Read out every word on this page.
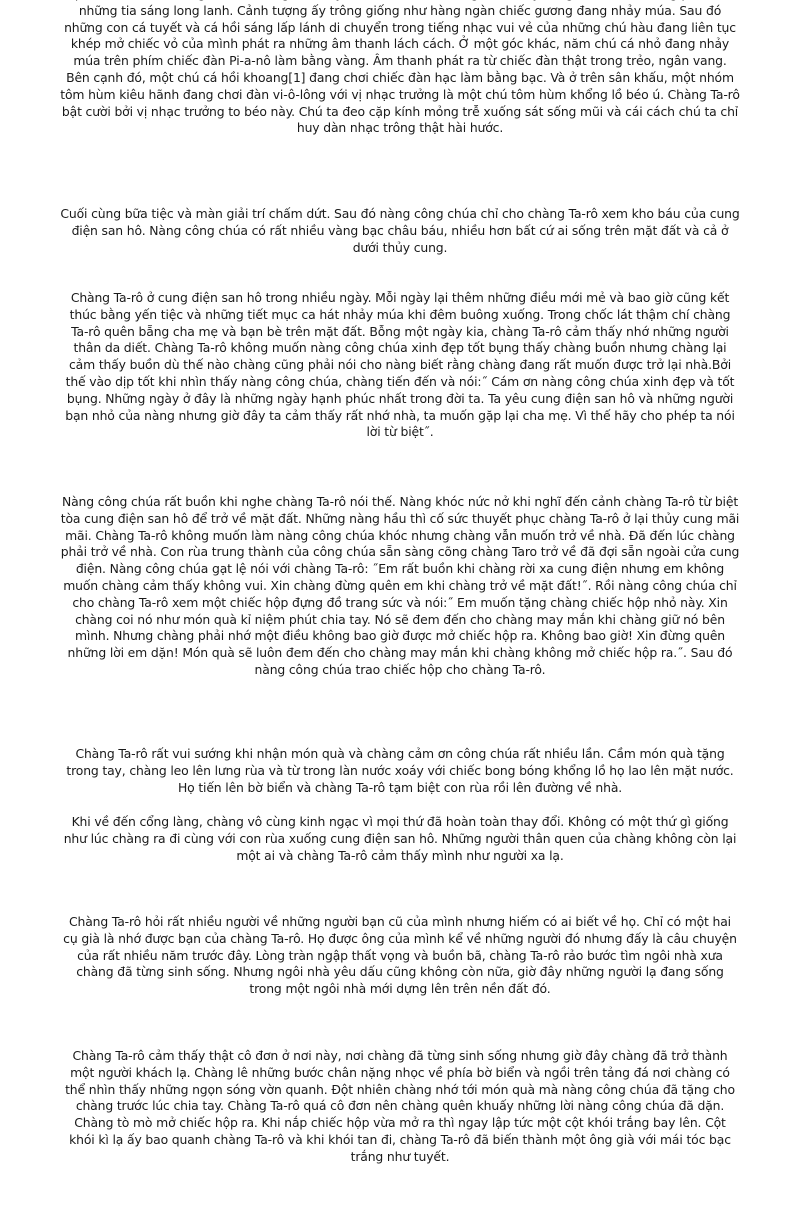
những tia sáng long lanh. Cảnh tượng ấy trông giống như hàng ngàn chiếc gương đang nhảy múa. Sau đó những con cá tuyết và cá hồi sáng lấp lánh di chuyển trong tiếng nhạc vui vẻ của những chú hàu đang liên tục khép mở chiếc vỏ của mình phát ra những âm thanh lách cách. Ở một góc khác, năm chú cá nhỏ đang nhảy múa trên phím chiếc đàn Pi-a-nô làm bằng vàng. Âm thanh phát ra từ chiếc đàn thật trong trẻo, ngân vang. Bên cạnh đó, một chú cá hồi khoang[1] đang chơi chiếc đàn hạc làm bằng bạc. Và ở trên sân khấu, một nhóm tôm hùm kiêu hãnh đang chơi đàn vi-ô-lông với vị nhạc trưởng là một chú tôm hùm khổng lồ béo ú. Chàng Ta-rô bật cười bởi vị nhạc trưởng to béo này. Chú ta đeo cặp kính mỏng trễ xuống sát sống mũi và cái cách chú ta chỉ huy dàn nhạc trông thật hài hước.

Cuối cùng bữa tiệc và màn giải trí chấm dứt. Sau đó nàng công chúa chỉ cho chàng Ta-rô xem kho báu của cung điện san hô. Nàng công chúa có rất nhiều vàng bạc châu báu, nhiều hơn bất cứ ai sống trên mặt đất và cả ở dưới thủy cung.

Chàng Ta-rô ở cung điện san hô trong nhiều ngày. Mỗi ngày lại thêm những điều mới mẻ và bao giờ cũng kết thúc bằng yến tiệc và những tiết mục ca hát nhảy múa khi đêm buông xuống. Trong chốc lát thậm chí chàng Ta-rô quên bẵng cha mẹ và bạn bè trên mặt đất. Bỗng một ngày kia, chàng Ta-rô cảm thấy nhớ những người thân da diết. Chàng Ta-rô không muốn nàng công chúa xinh đẹp tốt bụng thấy chàng buồn nhưng chàng lại cảm thấy buồn dù thế nào chàng cũng phải nói cho nàng biết rằng chàng đang rất muốn được trở lại nhà.Bởi thế vào dịp tốt khi nhìn thấy nàng công chúa, chàng tiến đến và nói:˝ Cám ơn nàng công chúa xinh đẹp và tốt bụng. Những ngày ở đây là những ngày hạnh phúc nhất trong đời ta. Ta yêu cung điện san hô và những người bạn nhỏ của nàng nhưng giờ đây ta cảm thấy rất nhớ nhà, ta muốn gặp lại cha mẹ. Vì thế hãy cho phép ta nói lời từ biệt˝.

Nàng công chúa rất buồn khi nghe chàng Ta-rô nói thế. Nàng khóc nức nở khi nghĩ đến cảnh chàng Ta-rô từ biệt tòa cung điện san hô để trở về mặt đất. Những nàng hầu thì cố sức thuyết phục chàng Ta-rô ở lại thủy cung mãi mãi. Chàng Ta-rô không muốn làm nàng công chúa khóc nhưng chàng vẫn muốn trở về nhà. Đã đến lúc chàng phải trở về nhà. Con rùa trung thành của công chúa sẵn sàng cõng chàng Taro trở về đã đợi sẵn ngoài cửa cung điện. Nàng công chúa gạt lệ nói với chàng Ta-rô: ˝Em rất buồn khi chàng rời xa cung điện nhưng em không muốn chàng cảm thấy không vui. Xin chàng đừng quên em khi chàng trở về mặt đất!˝. Rồi nàng công chúa chỉ cho chàng Ta-rô xem một chiếc hộp đựng đồ trang sức và nói:˝ Em muốn tặng chàng chiếc hộp nhỏ này. Xin chàng coi nó như món quà kỉ niệm phút chia tay. Nó sẽ đem đến cho chàng may mắn khi chàng giữ nó bên mình. Nhưng chàng phải nhớ một điều không bao giờ được mở chiếc hộp ra. Không bao giờ! Xin đừng quên những lời em dặn! Món quà sẽ luôn đem đến cho chàng may mắn khi chàng không mở chiếc hộp ra.˝. Sau đó nàng công chúa trao chiếc hộp cho chàng Ta-rô.

Chàng Ta-rô rất vui sướng khi nhận món quà và chàng cảm ơn công chúa rất nhiều lần. Cầm món quà tặng trong tay, chàng leo lên lưng rùa và từ trong làn nước xoáy với chiếc bong bóng khổng lồ họ lao lên mặt nước. Họ tiến lên bờ biển và chàng Ta-rô tạm biệt con rùa rồi lên đường về nhà.

Khi về đến cổng làng, chàng vô cùng kinh ngạc vì mọi thứ đã hoàn toàn thay đổi. Không có một thứ gì giống như lúc chàng ra đi cùng với con rùa xuống cung điện san hô. Những người thân quen của chàng không còn lại một ai và chàng Ta-rô cảm thấy mình như người xa lạ.

Chàng Ta-rô hỏi rất nhiều người về những người bạn cũ của mình nhưng hiếm có ai biết về họ. Chỉ có một hai cụ già là nhớ được bạn của chàng Ta-rô. Họ được ông của mình kể về những người đó nhưng đấy là câu chuyện của rất nhiều năm trước đây. Lòng tràn ngập thất vọng và buồn bã, chàng Ta-rô rảo bước tìm ngôi nhà xưa chàng đã từng sinh sống. Nhưng ngôi nhà yêu dấu cũng không còn nữa, giờ đây những người lạ đang sống trong một ngôi nhà mới dựng lên trên nền đất đó.

Chàng Ta-rô cảm thấy thật cô đơn ở nơi này, nơi chàng đã từng sinh sống nhưng giờ đây chàng đã trở thành một người khách lạ. Chàng lê những bước chân nặng nhọc về phía bờ biển và ngồi trên tảng đá nơi chàng có thể nhìn thấy những ngọn sóng vờn quanh. Đột nhiên chàng nhớ tới món quà mà nàng công chúa đã tặng cho chàng trước lúc chia tay. Chàng Ta-rô quá cô đơn nên chàng quên khuấy những lời nàng công chúa đã dặn. Chàng tò mò mở chiếc hộp ra. Khi nắp chiếc hộp vừa mở ra thì ngay lập tức một cột khói trắng bay lên. Cột khói kì lạ ấy bao quanh chàng Ta-rô và khi khói tan đi, chàng Ta-rô đã biến thành một ông già với mái tóc bạc trắng như tuyết.
